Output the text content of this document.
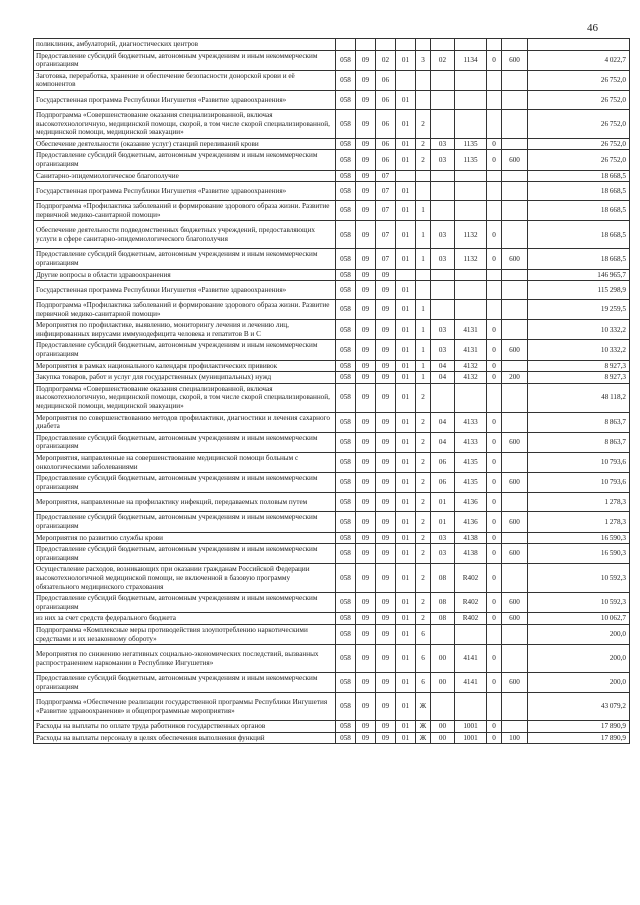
46
поликлиник, амбулаторий, диагностических центров										
Предоставление субсидий бюджетным, автономным учреждениям и иным некоммерческим организациям	058	09	02	01	3	02	1134	0	600	4 022,7
Заготовка, переработка, хранение и обеспечение безопасности донорской крови и её компонентов	058	09	06							26 752,0
Государственная программа Республики Ингушетия «Развитие здравоохранения»	058	09	06	01						26 752,0
Подпрограмма «Совершенствование оказания специализированной, включая высокотехнологичную, медицинской помощи, скорой, в том числе скорой специализированной, медицинской помощи, медицинской эвакуации»	058	09	06	01	2					26 752,0
Обеспечение деятельности (оказание услуг) станций переливаний крови	058	09	06	01	2	03	1135	0		26 752,0
Предоставление субсидий бюджетным, автономным учреждениям и иным некоммерческим организациям	058	09	06	01	2	03	1135	0	600	26 752,0
Санитарно-эпидемиологическое благополучие	058	09	07							18 668,5
Государственная программа Республики Ингушетия «Развитие здравоохранения»	058	09	07	01						18 668,5
Подпрограмма «Профилактика заболеваний и формирование здорового образа жизни. Развитие первичной медико-санитарной помощи»	058	09	07	01	1					18 668,5
Обеспечение деятельности подведомственных бюджетных учреждений, предоставляющих услуги в сфере санитарно-эпидемиологического благополучия	058	09	07	01	1	03	1132	0		18 668,5
Предоставление субсидий бюджетным, автономным учреждениям и иным некоммерческим организациям	058	09	07	01	1	03	1132	0	600	18 668,5
Другие вопросы в области здравоохранения	058	09	09							146 965,7
Государственная программа Республики Ингушетия «Развитие здравоохранения»	058	09	09	01						115 298,9
Подпрограмма «Профилактика заболеваний и формирование здорового образа жизни. Развитие первичной медико-санитарной помощи»	058	09	09	01	1					19 259,5
Мероприятия по профилактике, выявлению, мониторингу лечения и лечению лиц, инфицированных вирусами иммунодефицита человека и гепатитов В и С	058	09	09	01	1	03	4131	0		10 332,2
Предоставление субсидий бюджетным, автономным учреждениям и иным некоммерческим организациям	058	09	09	01	1	03	4131	0	600	10 332,2
Мероприятия в рамках национального календаря профилактических прививок	058	09	09	01	1	04	4132	0		8 927,3
Закупка товаров, работ и услуг для государственных (муниципальных) нужд	058	09	09	01	1	04	4132	0	200	8 927,3
Подпрограмма «Совершенствование оказания специализированной, включая высокотехнологичную, медицинской помощи, скорой, в том числе скорой специализированной, медицинской помощи, медицинской эвакуации»	058	09	09	01	2					48 118,2
Мероприятия по совершенствованию методов профилактики, диагностики и лечения сахарного диабета	058	09	09	01	2	04	4133	0		8 863,7
Предоставление субсидий бюджетным, автономным учреждениям и иным некоммерческим организациям	058	09	09	01	2	04	4133	0	600	8 863,7
Мероприятия, направленные на совершенствование медицинской помощи больным с онкологическими заболеваниями	058	09	09	01	2	06	4135	0		10 793,6
Предоставление субсидий бюджетным, автономным учреждениям и иным некоммерческим организациям	058	09	09	01	2	06	4135	0	600	10 793,6
Мероприятия, направленные на профилактику инфекций, передаваемых половым путем	058	09	09	01	2	01	4136	0		1 278,3
Предоставление субсидий бюджетным, автономным учреждениям и иным некоммерческим организациям	058	09	09	01	2	01	4136	0	600	1 278,3
Мероприятия по развитию службы крови	058	09	09	01	2	03	4138	0		16 590,3
Предоставление субсидий бюджетным, автономным учреждениям и иным некоммерческим организациям	058	09	09	01	2	03	4138	0	600	16 590,3
Осуществление расходов, возникающих при оказании гражданам Российской Федерации высокотехнологичной медицинской помощи, не включенной в базовую программу обязательного медицинского страхования	058	09	09	01	2	08	R402	0		10 592,3
Предоставление субсидий бюджетным, автономным учреждениям и иным некоммерческим организациям	058	09	09	01	2	08	R402	0	600	10 592,3
из них за счет средств федерального бюджета	058	09	09	01	2	08	R402	0	600	10 062,7
Подпрограмма «Комплексные меры противодействия злоупотреблению наркотическими средствами и их незаконному обороту»	058	09	09	01	6					200,0
Мероприятия по снижению негативных социально-экономических последствий, вызванных распространением наркомании в Республике Ингушетия»	058	09	09	01	6	00	4141	0		200,0
Предоставление субсидий бюджетным, автономным учреждениям и иным некоммерческим организациям	058	09	09	01	6	00	4141	0	600	200,0
Подпрограмма «Обеспечение реализации государственной программы Республики Ингушетия «Развитие здравоохранения» и общепрограммные мероприятия»	058	09	09	01	Ж					43 079,2
Расходы на выплаты по оплате труда работников государственных органов	058	09	09	01	Ж	00	1001	0		17 890,9
Расходы на выплаты персоналу в целях обеспечения выполнения функций	058	09	09	01	Ж	00	1001	0	100	17 890,9
